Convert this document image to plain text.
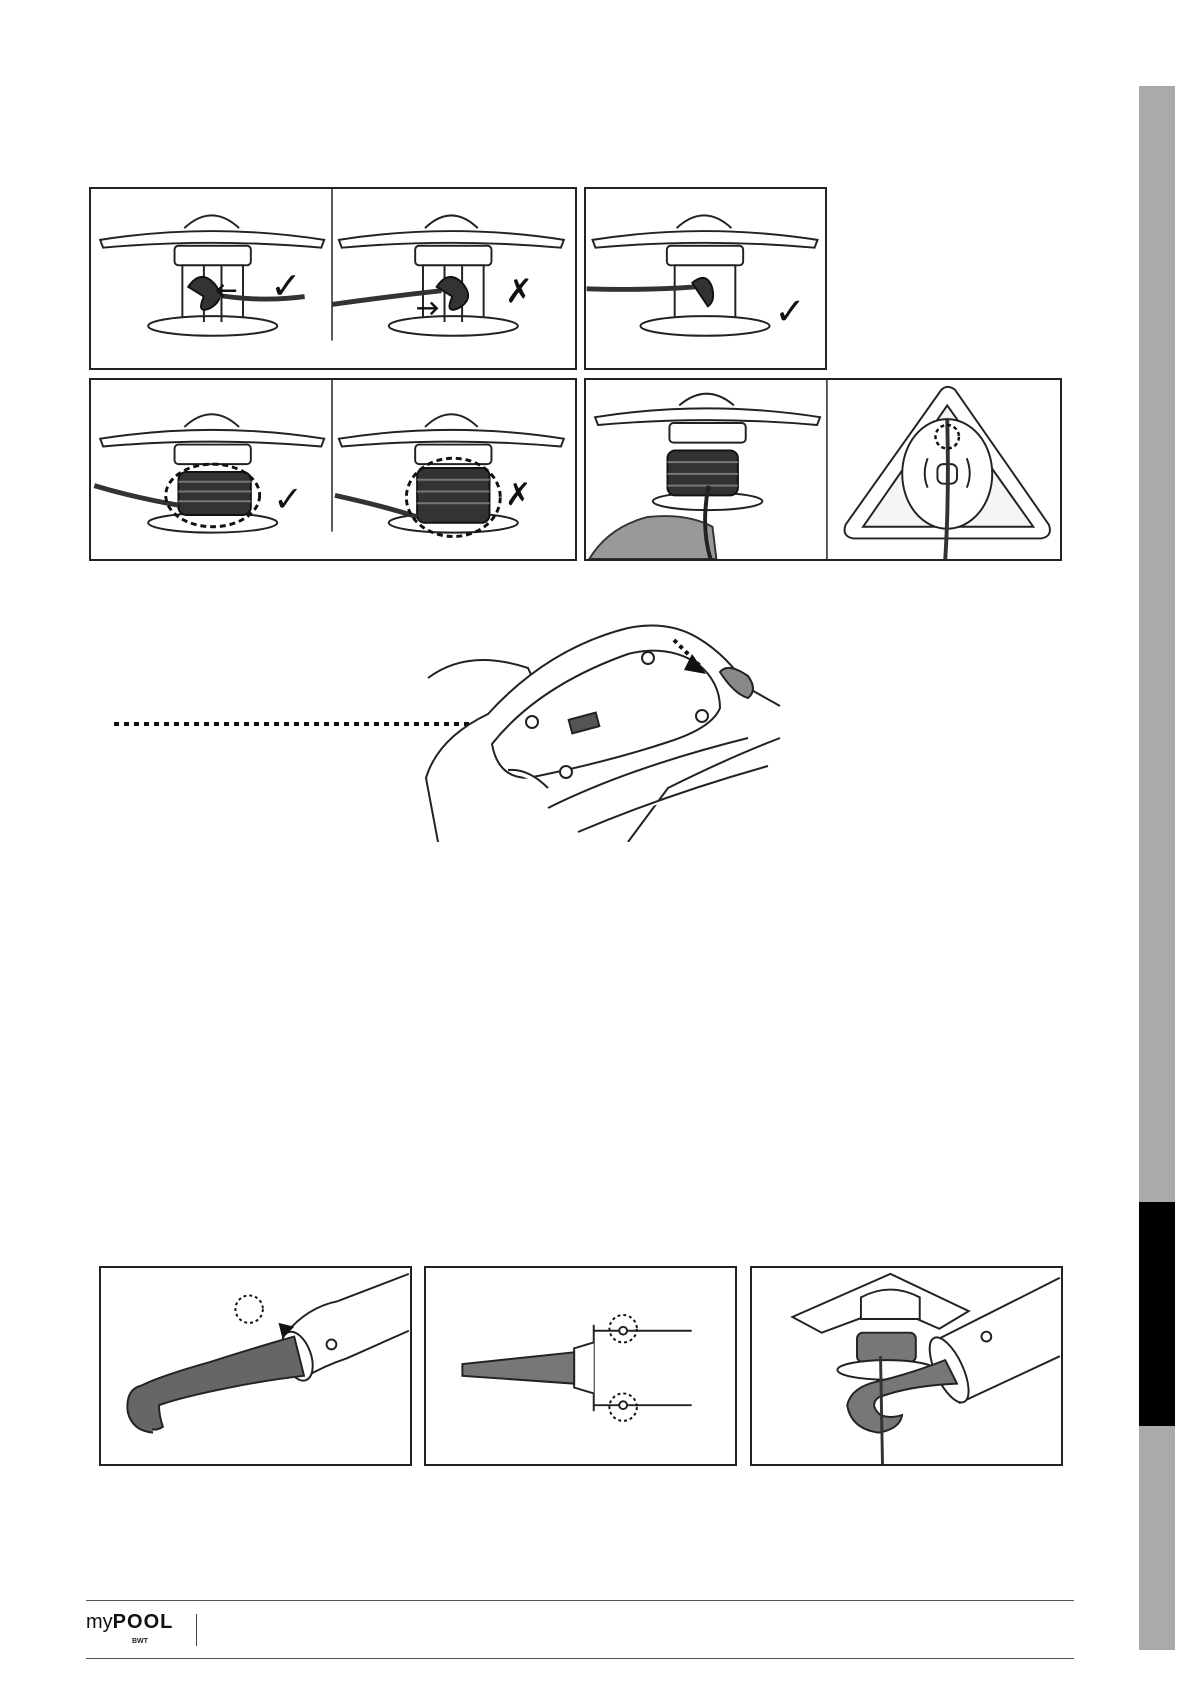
✓	✗	✓
✓	✗
myPOOL
BWT
